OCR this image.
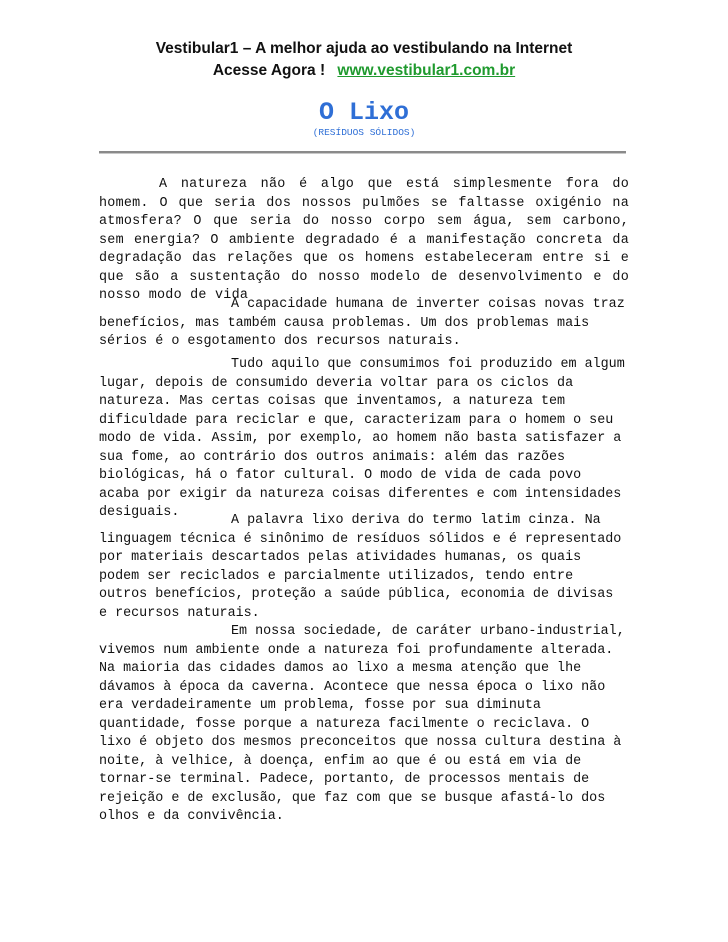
Vestibular1 – A melhor ajuda ao vestibulando na Internet
Acesse Agora ! www.vestibular1.com.br
O Lixo
(RESÍDUOS SÓLIDOS)

A natureza não é algo que está simplesmente fora do homem. O que seria dos nossos pulmões se faltasse oxigénio na atmosfera? O que seria do nosso corpo sem água, sem carbono, sem energia? O ambiente degradado é a manifestação concreta da degradação das relações que os homens estabeleceram entre si e que são a sustentação do nosso modelo de desenvolvimento e do nosso modo de vida

A capacidade humana de inverter coisas novas traz benefícios, mas também causa problemas. Um dos problemas mais sérios é o esgotamento dos recursos naturais.

Tudo aquilo que consumimos foi produzido em algum lugar, depois de consumido deveria voltar para os ciclos da natureza. Mas certas coisas que inventamos, a natureza tem dificuldade para reciclar e que, caracterizam para o homem o seu modo de vida. Assim, por exemplo, ao homem não basta satisfazer a sua fome, ao contrário dos outros animais: além das razões biológicas, há o fator cultural. O modo de vida de cada povo acaba por exigir da natureza coisas diferentes e com intensidades desiguais.

A palavra lixo deriva do termo latim cinza. Na linguagem técnica é sinônimo de resíduos sólidos e é representado por materiais descartados pelas atividades humanas, os quais podem ser reciclados e parcialmente utilizados, tendo entre outros benefícios, proteção a saúde pública, economia de divisas e recursos naturais.

Em nossa sociedade, de caráter urbano-industrial, vivemos num ambiente onde a natureza foi profundamente alterada. Na maioria das cidades damos ao lixo a mesma atenção que lhe dávamos à época da caverna. Acontece que nessa época o lixo não era verdadeiramente um problema, fosse por sua diminuta quantidade, fosse porque a natureza facilmente o reciclava. O lixo é objeto dos mesmos preconceitos que nossa cultura destina à noite, à velhice, à doença, enfim ao que é ou está em via de tornar-se terminal. Padece, portanto, de processos mentais de rejeição e de exclusão, que faz com que se busque afastá-lo dos olhos e da convivência.
